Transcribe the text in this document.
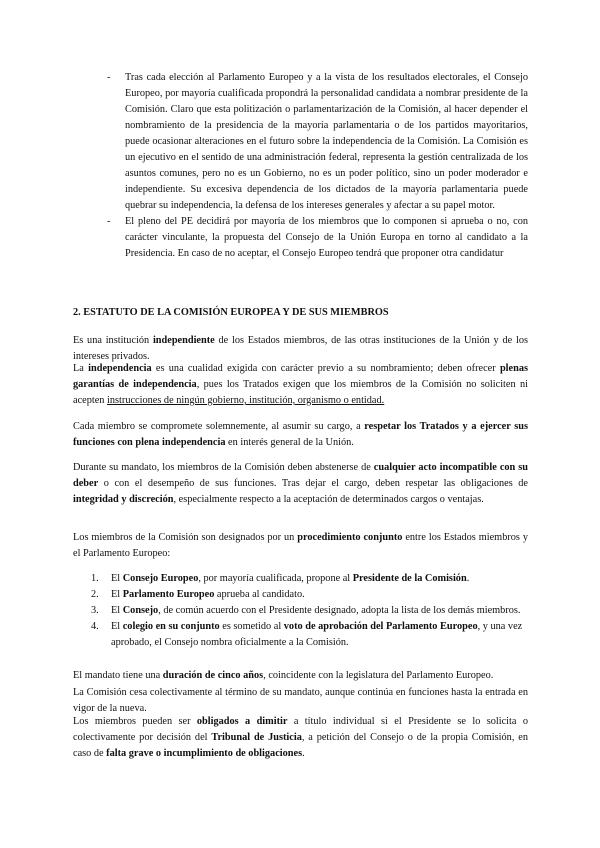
- Tras cada elección al Parlamento Europeo y a la vista de los resultados electorales, el Consejo Europeo, por mayoría cualificada propondrá la personalidad candidata a nombrar presidente de la Comisión. Claro que esta politización o parlamentarización de la Comisión, al hacer depender el nombramiento de la presidencia de la mayoría parlamentaria o de los partidos mayoritarios, puede ocasionar alteraciones en el futuro sobre la independencia de la Comisión. La Comisión es un ejecutivo en el sentido de una administración federal, representa la gestión centralizada de los asuntos comunes, pero no es un Gobierno, no es un poder político, sino un poder moderador e independiente. Su excesiva dependencia de los dictados de la mayoría parlamentaria puede quebrar su independencia, la defensa de los intereses generales y afectar a su papel motor.

- El pleno del PE decidirá por mayoría de los miembros que lo componen si aprueba o no, con carácter vinculante, la propuesta del Consejo de la Unión Europa en torno al candidato a la Presidencia. En caso de no aceptar, el Consejo Europeo tendrá que proponer otra candidatur

2. ESTATUTO DE LA COMISIÓN EUROPEA Y DE SUS MIEMBROS

Es una institución independiente de los Estados miembros, de las otras instituciones de la Unión y de los intereses privados.

La independencia es una cualidad exigida con carácter previo a su nombramiento; deben ofrecer plenas garantías de independencia, pues los Tratados exigen que los miembros de la Comisión no soliciten ni acepten instrucciones de ningún gobierno, institución, organismo o entidad.

Cada miembro se compromete solemnemente, al asumir su cargo, a respetar los Tratados y a ejercer sus funciones con plena independencia en interés general de la Unión.

Durante su mandato, los miembros de la Comisión deben abstenerse de cualquier acto incompatible con su deber o con el desempeño de sus funciones. Tras dejar el cargo, deben respetar las obligaciones de integridad y discreción, especialmente respecto a la aceptación de determinados cargos o ventajas.

Los miembros de la Comisión son designados por un procedimiento conjunto entre los Estados miembros y el Parlamento Europeo:

1. El Consejo Europeo, por mayoría cualificada, propone al Presidente de la Comisión.

2. El Parlamento Europeo aprueba al candidato.

3. El Consejo, de común acuerdo con el Presidente designado, adopta la lista de los demás miembros.

4. El colegio en su conjunto es sometido al voto de aprobación del Parlamento Europeo, y una vez aprobado, el Consejo nombra oficialmente a la Comisión.

El mandato tiene una duración de cinco años, coincidente con la legislatura del Parlamento Europeo.

La Comisión cesa colectivamente al término de su mandato, aunque continúa en funciones hasta la entrada en vigor de la nueva.

Los miembros pueden ser obligados a dimitir a título individual si el Presidente se lo solicita o colectivamente por decisión del Tribunal de Justicia, a petición del Consejo o de la propia Comisión, en caso de falta grave o incumplimiento de obligaciones.
